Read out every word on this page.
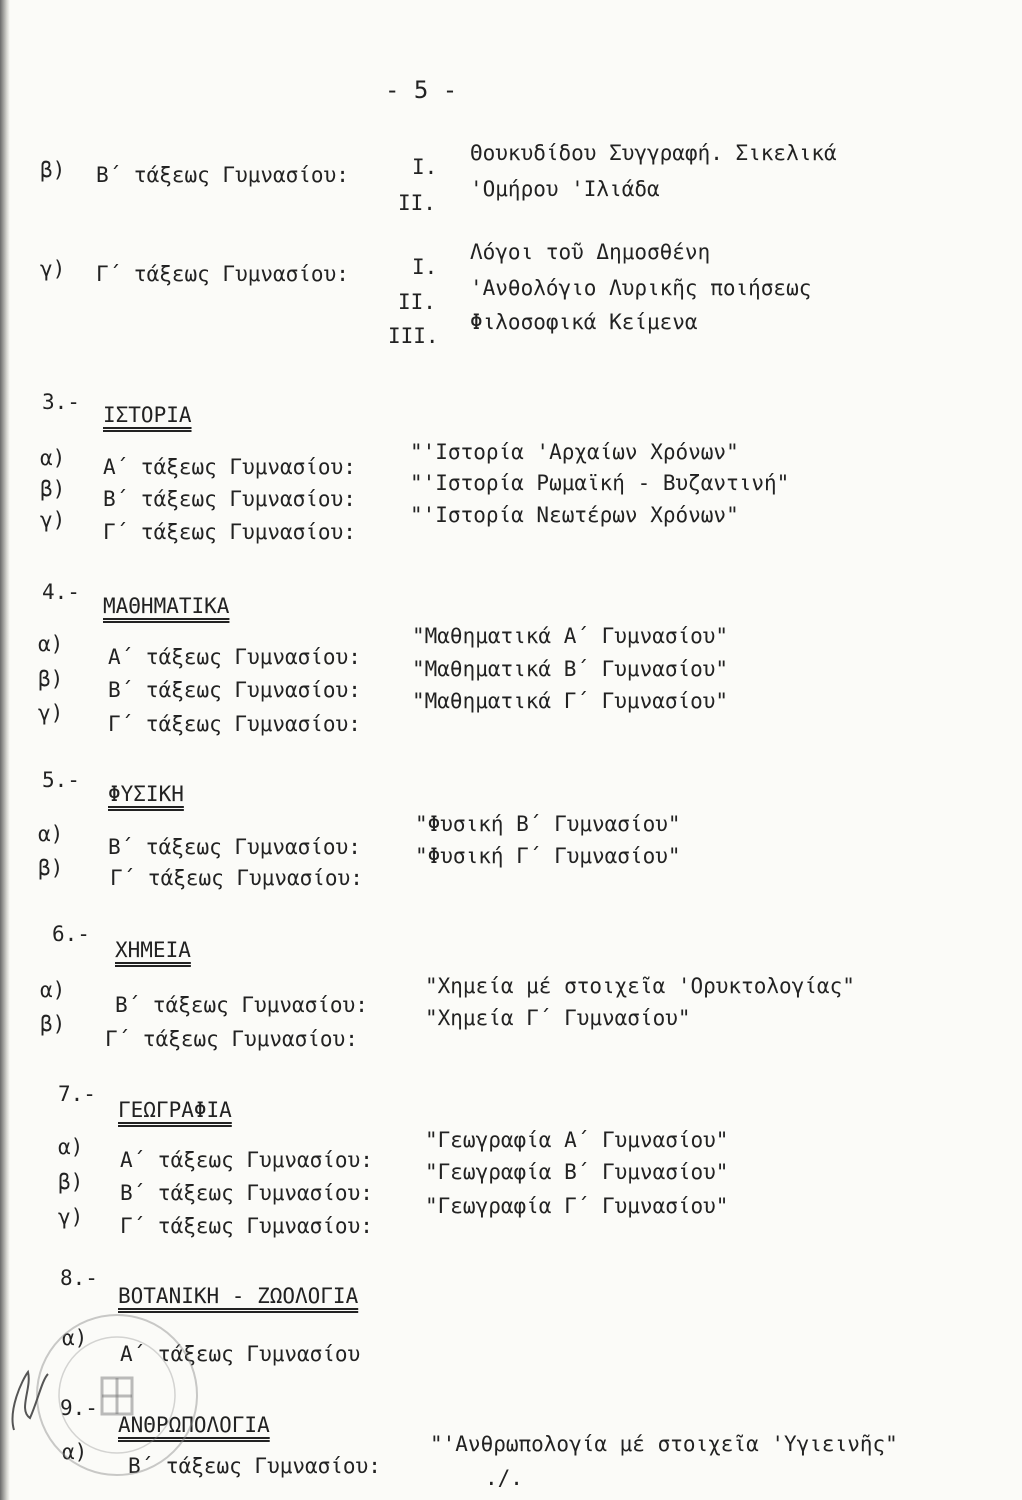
- 5 -
β) Β΄ τάξεως Γυμνασίου:	I.
Θουκυδίδου Συγγραφή. Σικελικά
II.
'Ομήρου 'Ιλιάδα
γ) Γ΄ τάξεως Γυμνασίου:	I.
Λόγοι τοῦ Δημοσθένη
II.
'Ανθολόγιο Λυρικῆς ποιήσεως
III.
Φιλοσοφικά Κείμενα
3.-
ΙΣΤΟΡΙΑ
α) Α΄ τάξεως Γυμνασίου:
"'Ιστορία 'Αρχαίων Χρόνων"
β) Β΄ τάξεως Γυμνασίου:
"'Ιστορία Ρωμαϊκή - Βυζαντινή"
γ) Γ΄ τάξεως Γυμνασίου:
"'Ιστορία Νεωτέρων Χρόνων"
4.-
ΜΑΘΗΜΑΤΙΚΑ
α)
Α΄ τάξεως Γυμνασίου:
"Μαθηματικά Α΄ Γυμνασίου"
β) Β΄ τάξεως Γυμνασίου:
"Μαθηματικά Β΄ Γυμνασίου"
γ) Γ΄ τάξεως Γυμνασίου:
"Μαθηματικά Γ΄ Γυμνασίου"
5.-
ΦΥΣΙΚΗ
α)
Β΄ τάξεως Γυμνασίου:
"Φυσική Β΄ Γυμνασίου"
β) Γ΄ τάξεως Γυμνασίου:
"Φυσική Γ΄ Γυμνασίου"
6.-
ΧΗΜΕΙΑ
α)
Β΄ τάξεως Γυμνασίου:
"Χημεία μέ στοιχεῖα 'Ορυκτολογίας"
β)
Γ΄ τάξεως Γυμνασίου:
"Χημεία Γ΄ Γυμνασίου"
7.-
ΓΕΩΓΡΑΦΙΑ
α)
Α΄ τάξεως Γυμνασίου:
"Γεωγραφία Α΄ Γυμνασίου"
β) Β΄ τάξεως Γυμνασίου:
"Γεωγραφία Β΄ Γυμνασίου"
γ) Γ΄ τάξεως Γυμνασίου:
"Γεωγραφία Γ΄ Γυμνασίου"
8.-
ΒΟΤΑΝΙΚΗ - ΖΩΟΛΟΓΙΑ
α)
Α΄ τάξεως Γυμνασίου
9.-
ΑΝΘΡΩΠΟΛΟΓΙΑ
α)
Β΄ τάξεως Γυμνασίου:
"'Ανθρωπολογία μέ στοιχεῖα 'Υγιεινῆς"
./.
